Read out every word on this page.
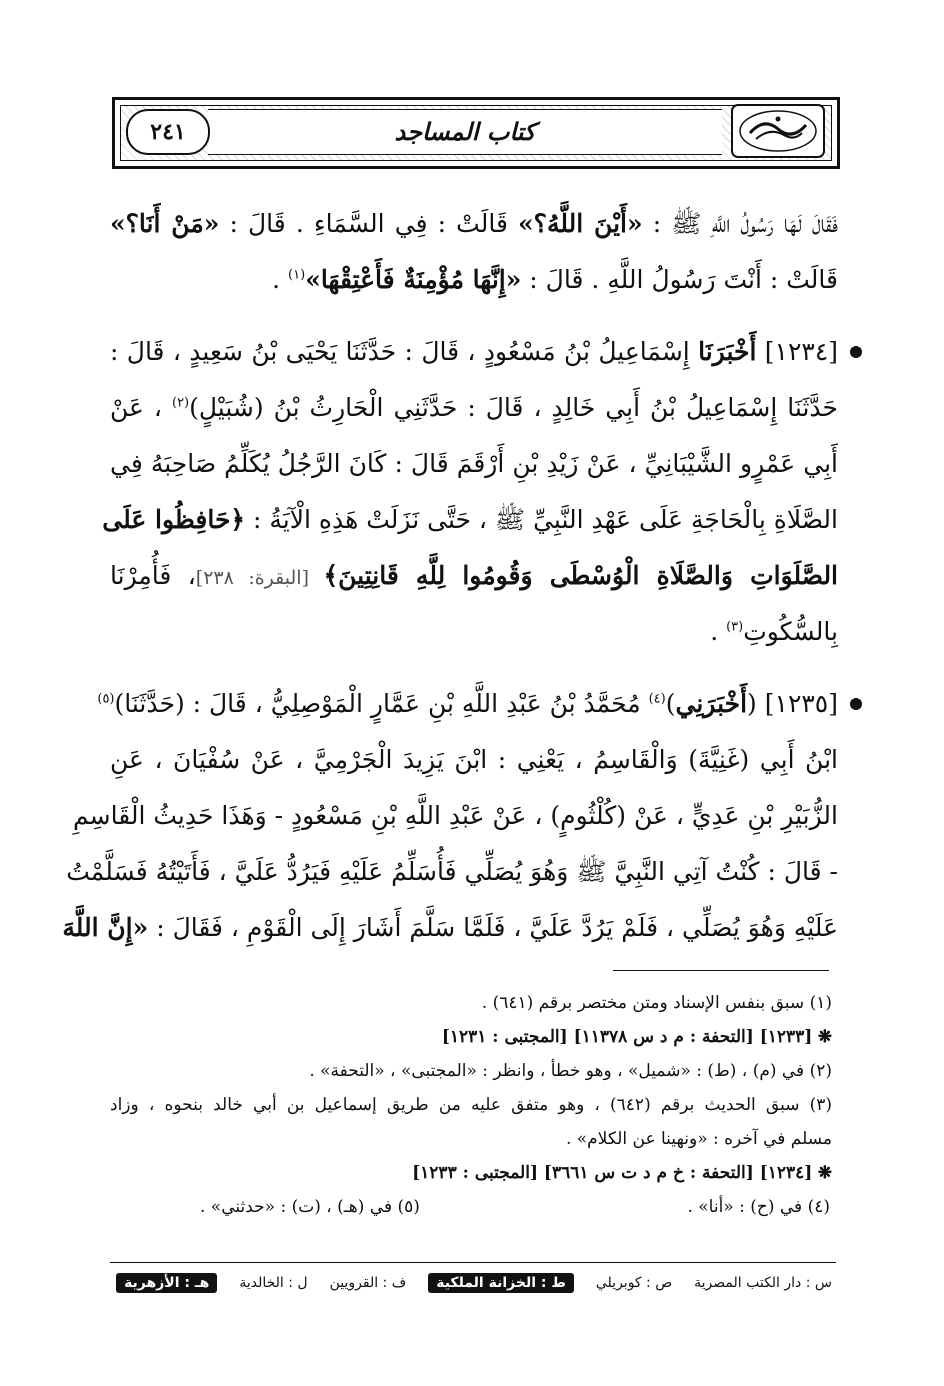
كتاب المساجد
٢٤١
فَقَالَ لَهَا رَسُولُ اللَّهِ ﷺ : «أَيْنَ اللَّهُ؟» قَالَتْ : فِي السَّمَاءِ . قَالَ : «مَنْ أَنَا؟»
قَالَتْ : أَنْتَ رَسُولُ اللَّهِ . قَالَ : «إِنَّهَا مُؤْمِنَةٌ فَأَعْتِقْهَا»$^{(١)}$ .
[١٢٣٤] أَخْبَرَنَا إِسْمَاعِيلُ بْنُ مَسْعُودٍ ، قَالَ : حَدَّثَنَا يَحْيَى بْنُ سَعِيدٍ ، قَالَ :
حَدَّثَنَا إِسْمَاعِيلُ بْنُ أَبِي خَالِدٍ ، قَالَ : حَدَّثَنِي الْحَارِثُ بْنُ (شُبَيْلٍ)$^{(٢)}$ ، عَنْ
أَبِي عَمْرٍو الشَّيْبَانِيِّ ، عَنْ زَيْدِ بْنِ أَرْقَمَ قَالَ : كَانَ الرَّجُلُ يُكَلِّمُ صَاحِبَهُ فِي
الصَّلَاةِ بِالْحَاجَةِ عَلَى عَهْدِ النَّبِيِّ ﷺ ، حَتَّى نَزَلَتْ هَذِهِ الْآيَةُ : ﴿حَافِظُوا عَلَى
الصَّلَوَاتِ وَالصَّلَاةِ الْوُسْطَى وَقُومُوا لِلَّهِ قَانِتِينَ﴾ [البقرة: ٢٣٨]، فَأُمِرْنَا
بِالسُّكُوتِ$^{(٣)}$ .
[١٢٣٥] (أَخْبَرَنِي)$^{(٤)}$ مُحَمَّدُ بْنُ عَبْدِ اللَّهِ بْنِ عَمَّارٍ الْمَوْصِلِيُّ ، قَالَ : (حَدَّثَنَا)$^{(٥)}$
ابْنُ أَبِي (غَنِيَّةَ) وَالْقَاسِمُ ، يَعْنِي : ابْنَ يَزِيدَ الْجَرْمِيَّ ، عَنْ سُفْيَانَ ، عَنِ
الزُّبَيْرِ بْنِ عَدِيٍّ ، عَنْ (كُلْثُومٍ) ، عَنْ عَبْدِ اللَّهِ بْنِ مَسْعُودٍ - وَهَذَا حَدِيثُ الْقَاسِمِ
- قَالَ : كُنْتُ آتِي النَّبِيَّ ﷺ وَهُوَ يُصَلِّي فَأُسَلِّمُ عَلَيْهِ فَيَرُدُّ عَلَيَّ ، فَأَتَيْتُهُ فَسَلَّمْتُ
عَلَيْهِ وَهُوَ يُصَلِّي ، فَلَمْ يَرُدَّ عَلَيَّ ، فَلَمَّا سَلَّمَ أَشَارَ إِلَى الْقَوْمِ ، فَقَالَ : «إِنَّ اللَّهَ
(١) سبق بنفس الإسناد ومتن مختصر برقم (٦٤١) .
❋ [١٢٣٣] [التحفة : م د س ١١٣٧٨] [المجتبى : ١٢٣١]
(٢) في (م) ، (ط) : «شميل» ، وهو خطأ ، وانظر : «المجتبى» ، «التحفة» .
(٣) سبق الحديث برقم (٦٤٢) ، وهو متفق عليه من طريق إسماعيل بن أبي خالد بنحوه ، وزاد
مسلم في آخره : «ونهينا عن الكلام» .
❋ [١٢٣٤] [التحفة : خ م د ت س ٣٦٦١] [المجتبى : ١٢٣٣]
(٤) في (ح) : «أنا» .
(٥) في (هـ) ، (ت) : «حدثني» .
س : دار الكتب المصرية
ص : كوبريلي
ط : الخزانة الملكية
ف : القرويين
ل : الخالدية
هـ : الأزهرية
